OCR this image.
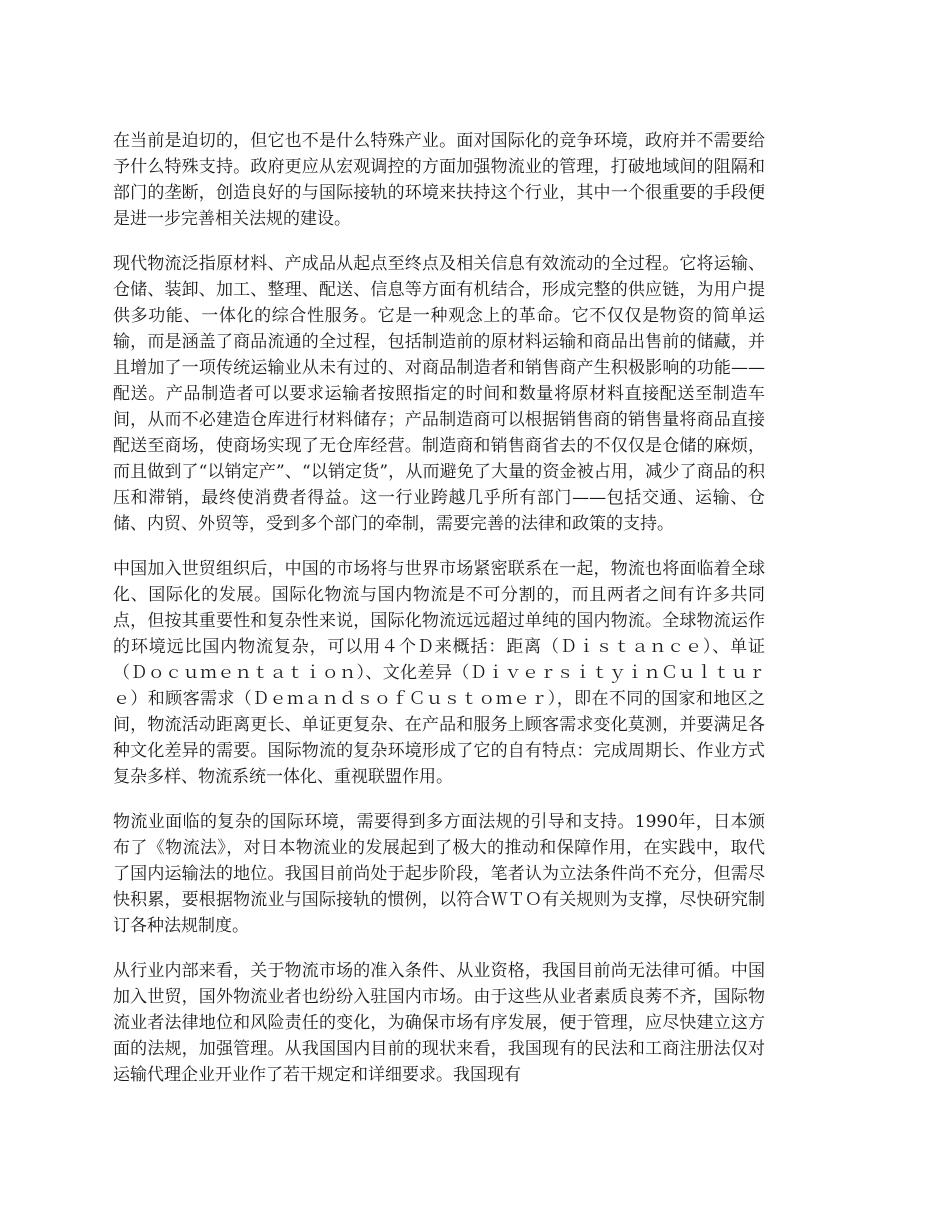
在当前是迫切的，但它也不是什么特殊产业。面对国际化的竞争环境，政府并不需要给予什么特殊支持。政府更应从宏观调控的方面加强物流业的管理，打破地域间的阻隔和部门的垄断，创造良好的与国际接轨的环境来扶持这个行业，其中一个很重要的手段便是进一步完善相关法规的建设。

现代物流泛指原材料、产成品从起点至终点及相关信息有效流动的全过程。它将运输、仓储、装卸、加工、整理、配送、信息等方面有机结合，形成完整的供应链，为用户提供多功能、一体化的综合性服务。它是一种观念上的革命。它不仅仅是物资的简单运输，而是涵盖了商品流通的全过程，包括制造前的原材料运输和商品出售前的储藏，并且增加了一项传统运输业从未有过的、对商品制造者和销售商产生积极影响的功能——配送。产品制造者可以要求运输者按照指定的时间和数量将原材料直接配送至制造车间，从而不必建造仓库进行材料储存；产品制造商可以根据销售商的销售量将商品直接配送至商场，使商场实现了无仓库经营。制造商和销售商省去的不仅仅是仓储的麻烦，而且做到了“以销定产”、“以销定货”，从而避免了大量的资金被占用，减少了商品的积压和滞销，最终使消费者得益。这一行业跨越几乎所有部门——包括交通、运输、仓储、内贸、外贸等，受到多个部门的牵制，需要完善的法律和政策的支持。

中国加入世贸组织后，中国的市场将与世界市场紧密联系在一起，物流也将面临着全球化、国际化的发展。国际化物流与国内物流是不可分割的，而且两者之间有许多共同点，但按其重要性和复杂性来说，国际化物流远远超过单纯的国内物流。全球物流运作的环境远比国内物流复杂，可以用４个Ｄ来概括：距离（Ｄｉｓｔａｎｃｅ）、单证（Ｄｏｃｕｍｅｎｔａｔｉｏｎ）、文化差异（ＤｉｖｅｒｓｉｔｙｉｎＣｕｌｔｕｒｅ）和顾客需求（ＤｅｍａｎｄｓｏｆＣｕｓｔｏｍｅｒ），即在不同的国家和地区之间，物流活动距离更长、单证更复杂、在产品和服务上顾客需求变化莫测，并要满足各种文化差异的需要。国际物流的复杂环境形成了它的自有特点：完成周期长、作业方式复杂多样、物流系统一体化、重视联盟作用。

物流业面临的复杂的国际环境，需要得到多方面法规的引导和支持。1990年，日本颁布了《物流法》，对日本物流业的发展起到了极大的推动和保障作用，在实践中，取代了国内运输法的地位。我国目前尚处于起步阶段，笔者认为立法条件尚不充分，但需尽快积累，要根据物流业与国际接轨的惯例，以符合ＷＴＯ有关规则为支撑，尽快研究制订各种法规制度。

从行业内部来看，关于物流市场的准入条件、从业资格，我国目前尚无法律可循。中国加入世贸，国外物流业者也纷纷入驻国内市场。由于这些从业者素质良莠不齐，国际物流业者法律地位和风险责任的变化，为确保市场有序发展，便于管理，应尽快建立这方面的法规，加强管理。从我国国内目前的现状来看，我国现有的民法和工商注册法仅对运输代理企业开业作了若干规定和详细要求。我国现有
